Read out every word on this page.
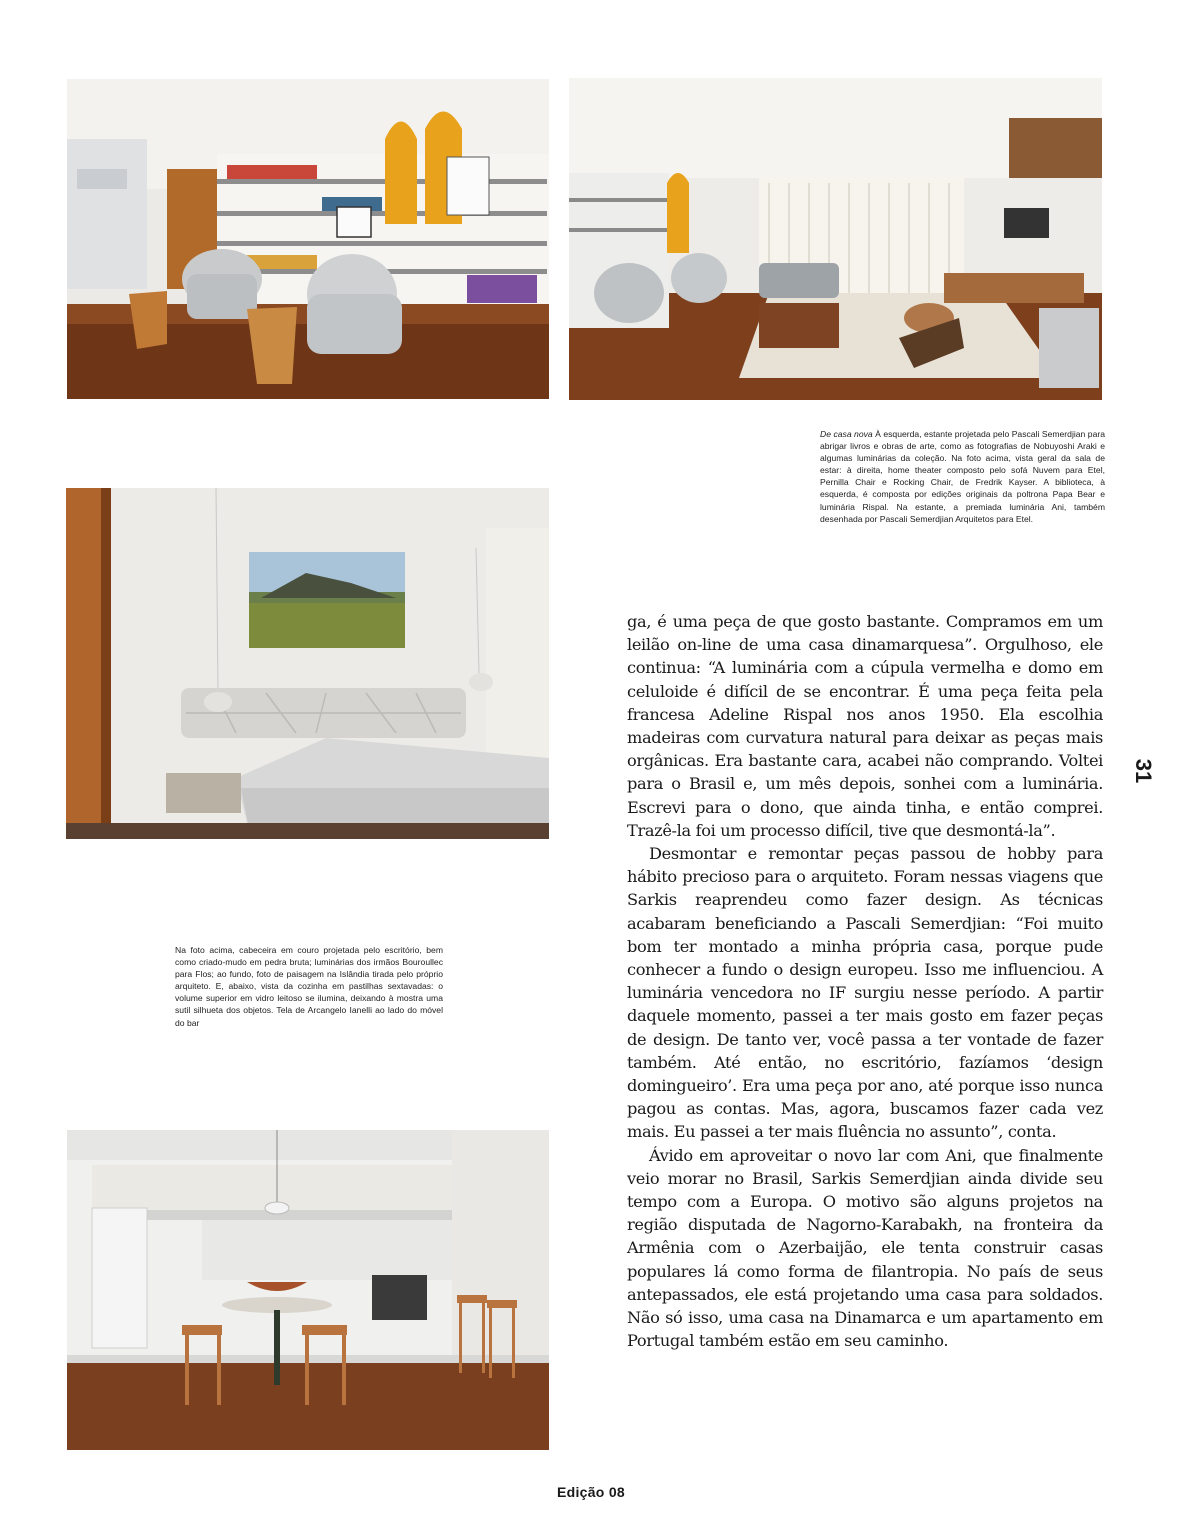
De casa nova À esquerda, estante projetada pelo Pascali Semerdjian para abrigar livros e obras de arte, como as fotografias de Nobuyoshi Araki e algumas luminárias da coleção. Na foto acima, vista geral da sala de estar: à direita, home theater composto pelo sofá Nuvem para Etel, Pernilla Chair e Rocking Chair, de Fredrik Kayser. A biblioteca, à esquerda, é composta por edições originais da poltrona Papa Bear e luminária Rispal. Na estante, a premiada luminária Ani, também desenhada por Pascali Semerdjian Arquitetos para Etel.

Na foto acima, cabeceira em couro projetada pelo escritório, bem como criado-mudo em pedra bruta; luminárias dos irmãos Bouroullec para Flos; ao fundo, foto de paisagem na Islândia tirada pelo próprio arquiteto. E, abaixo, vista da cozinha em pastilhas sextavadas: o volume superior em vidro leitoso se ilumina, deixando à mostra uma sutil silhueta dos objetos. Tela de Arcangelo Ianelli ao lado do móvel do bar

ga, é uma peça de que gosto bastante. Compramos em um leilão on-line de uma casa dinamarquesa”. Orgulhoso, ele continua: “A luminária com a cúpula vermelha e domo em celuloide é difícil de se encontrar. É uma peça feita pela francesa Adeline Rispal nos anos 1950. Ela escolhia madeiras com curvatura natural para deixar as peças mais orgânicas. Era bastante cara, acabei não comprando. Voltei para o Brasil e, um mês depois, sonhei com a luminária. Escrevi para o dono, que ainda tinha, e então comprei. Trazê-la foi um processo difícil, tive que desmontá-la”.

Desmontar e remontar peças passou de hobby para hábito precioso para o arquiteto. Foram nessas viagens que Sarkis reaprendeu como fazer design. As técnicas acabaram beneficiando a Pascali Semerdjian: “Foi muito bom ter montado a minha própria casa, porque pude conhecer a fundo o design europeu. Isso me influenciou. A luminária vencedora no IF surgiu nesse período. A partir daquele momento, passei a ter mais gosto em fazer peças de design. De tanto ver, você passa a ter vontade de fazer também. Até então, no escritório, fazíamos ‘design domingueiro’. Era uma peça por ano, até porque isso nunca pagou as contas. Mas, agora, buscamos fazer cada vez mais. Eu passei a ter mais fluência no assunto”, conta.

Ávido em aproveitar o novo lar com Ani, que finalmente veio morar no Brasil, Sarkis Semerdjian ainda divide seu tempo com a Europa. O motivo são alguns projetos na região disputada de Nagorno-Karabakh, na fronteira da Armênia com o Azerbaijão, ele tenta construir casas populares lá como forma de filantropia. No país de seus antepassados, ele está projetando uma casa para soldados. Não só isso, uma casa na Dinamarca e um apartamento em Portugal também estão em seu caminho.

31
Edição 08
